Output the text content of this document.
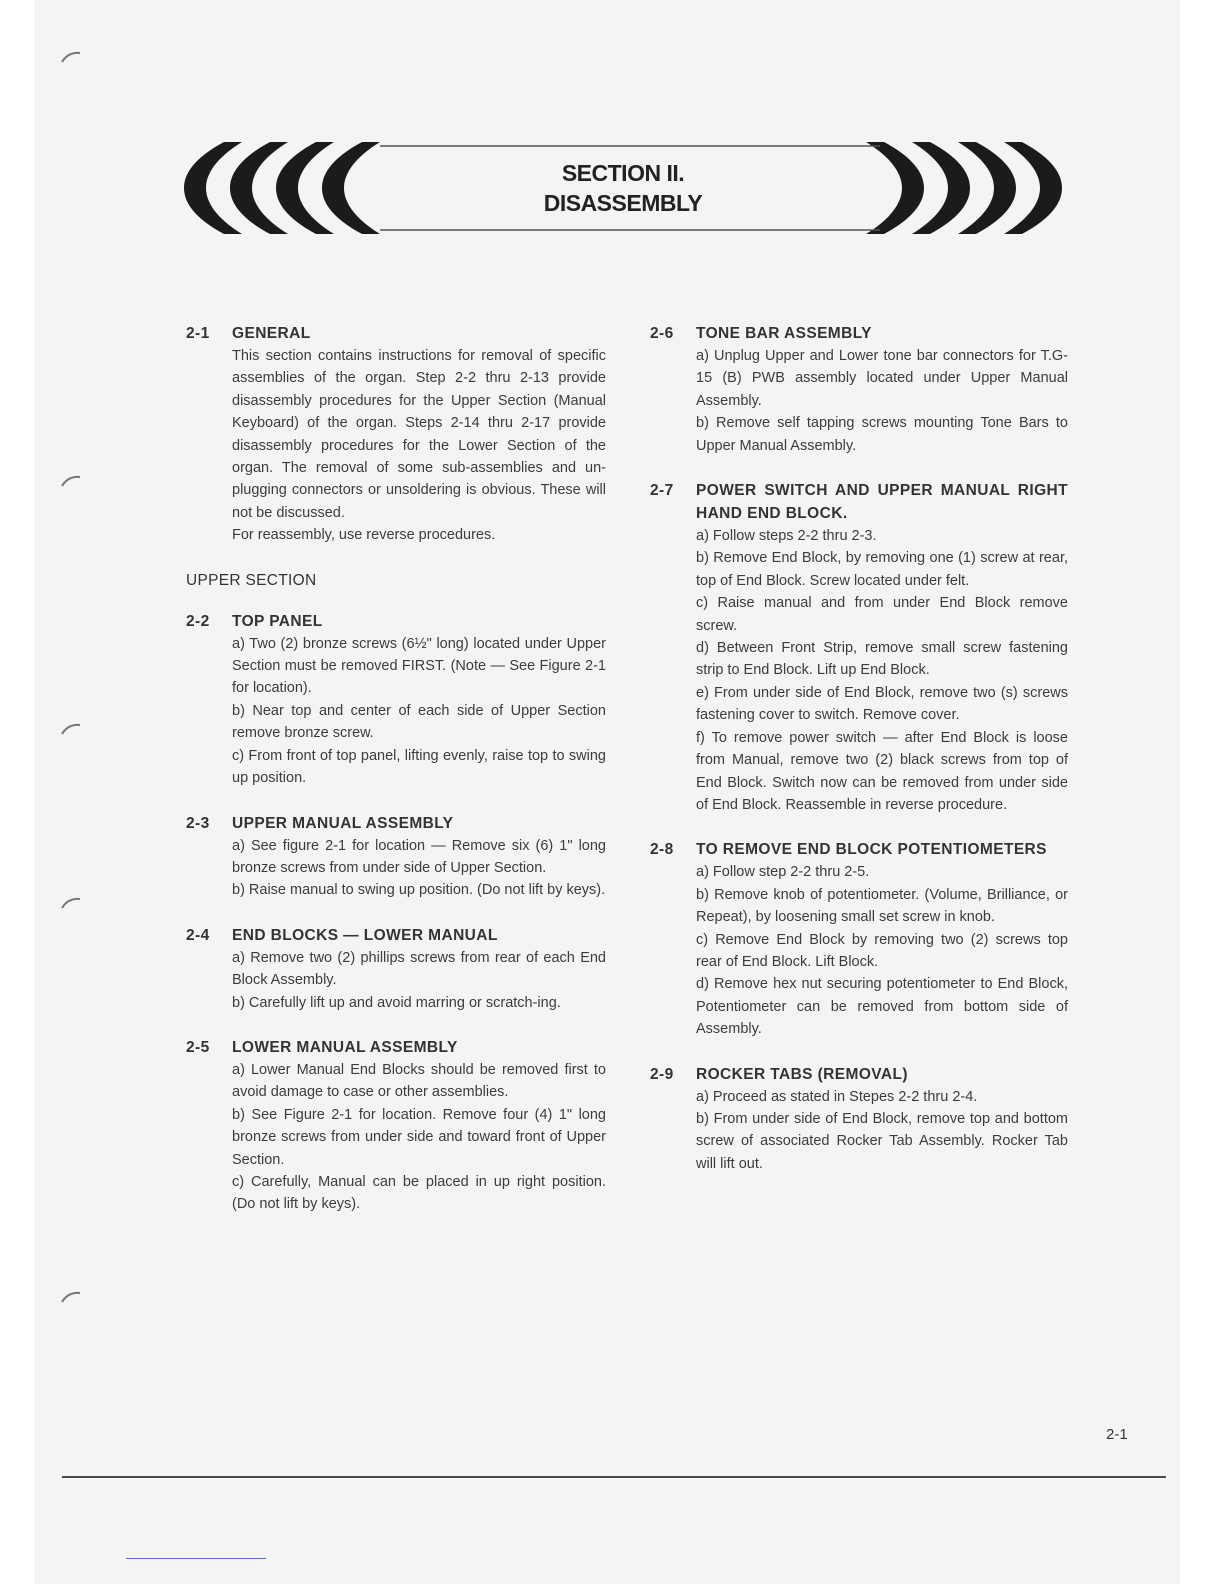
SECTION II.
DISASSEMBLY
2-1 GENERAL

This section contains instructions for removal of specific assemblies of the organ. Step 2-2 thru 2-13 provide disassembly procedures for the Upper Section (Manual Keyboard) of the organ. Steps 2-14 thru 2-17 provide disassembly procedures for the Lower Section of the organ. The removal of some sub-assemblies and un-plugging connectors or unsoldering is obvious. These will not be discussed.

For reassembly, use reverse procedures.

UPPER SECTION
2-2 TOP PANEL

a) Two (2) bronze screws (6½" long) located under Upper Section must be removed FIRST. (Note — See Figure 2-1 for location).

b) Near top and center of each side of Upper Section remove bronze screw.

c) From front of top panel, lifting evenly, raise top to swing up position.

2-3 UPPER MANUAL ASSEMBLY

a) See figure 2-1 for location — Remove six (6) 1" long bronze screws from under side of Upper Section.

b) Raise manual to swing up position. (Do not lift by keys).

2-4 END BLOCKS — LOWER MANUAL

a) Remove two (2) phillips screws from rear of each End Block Assembly.

b) Carefully lift up and avoid marring or scratch-ing.

2-5 LOWER MANUAL ASSEMBLY

a) Lower Manual End Blocks should be removed first to avoid damage to case or other assemblies.

b) See Figure 2-1 for location. Remove four (4) 1" long bronze screws from under side and toward front of Upper Section.

c) Carefully, Manual can be placed in up right position. (Do not lift by keys).

2-6 TONE BAR ASSEMBLY

a) Unplug Upper and Lower tone bar connectors for T.G-15 (B) PWB assembly located under Upper Manual Assembly.

b) Remove self tapping screws mounting Tone Bars to Upper Manual Assembly.

2-7 POWER SWITCH AND UPPER MANUAL RIGHT HAND END BLOCK.

a) Follow steps 2-2 thru 2-3.

b) Remove End Block, by removing one (1) screw at rear, top of End Block. Screw located under felt.

c) Raise manual and from under End Block remove screw.

d) Between Front Strip, remove small screw fastening strip to End Block. Lift up End Block.

e) From under side of End Block, remove two (s) screws fastening cover to switch. Remove cover.

f) To remove power switch — after End Block is loose from Manual, remove two (2) black screws from top of End Block. Switch now can be removed from under side of End Block. Reassemble in reverse procedure.

2-8 TO REMOVE END BLOCK POTENTIOMETERS

a) Follow step 2-2 thru 2-5.

b) Remove knob of potentiometer. (Volume, Brilliance, or Repeat), by loosening small set screw in knob.

c) Remove End Block by removing two (2) screws top rear of End Block. Lift Block.

d) Remove hex nut securing potentiometer to End Block, Potentiometer can be removed from bottom side of Assembly.

2-9 ROCKER TABS (REMOVAL)

a) Proceed as stated in Stepes 2-2 thru 2-4.

b) From under side of End Block, remove top and bottom screw of associated Rocker Tab Assembly. Rocker Tab will lift out.

2-1
